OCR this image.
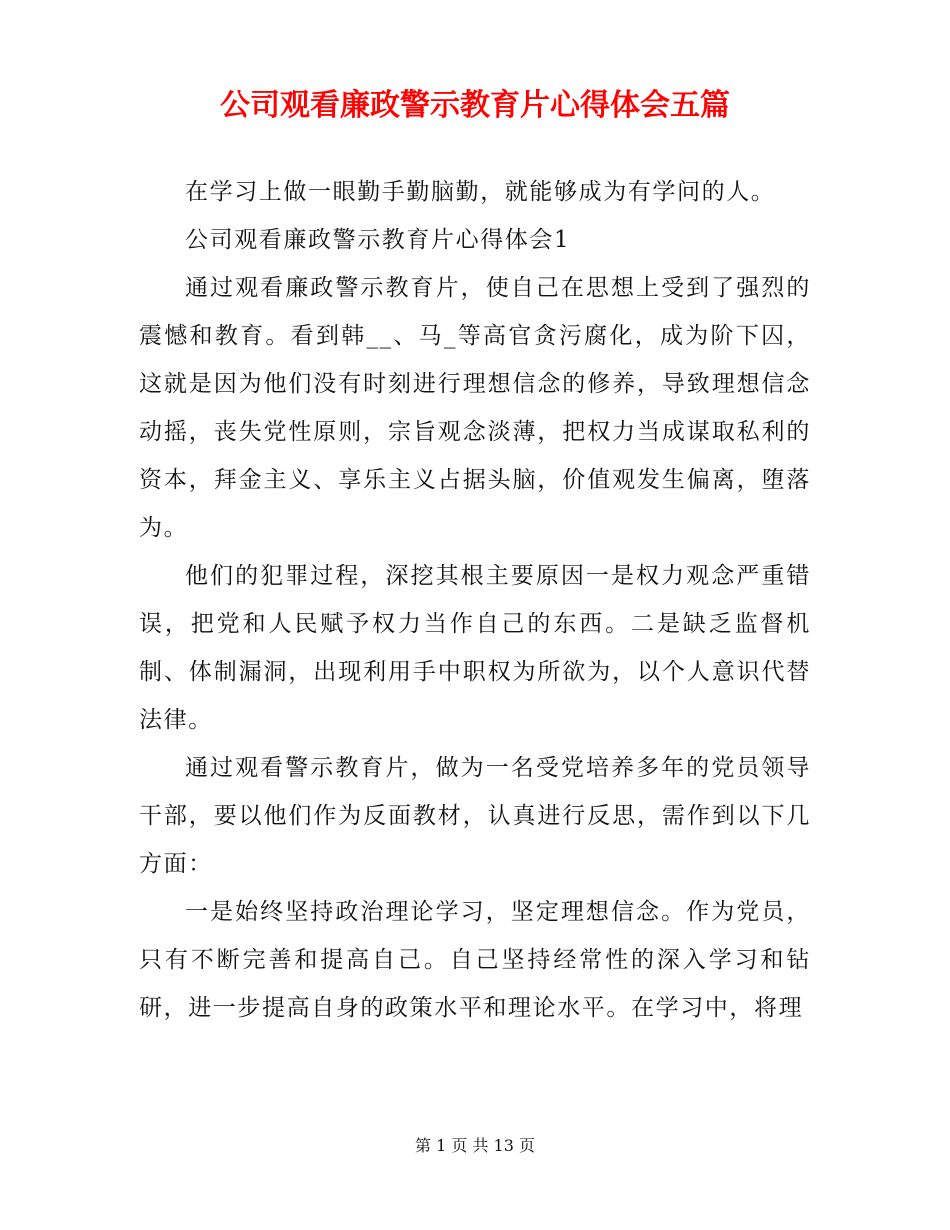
公司观看廉政警示教育片心得体会五篇

在学习上做一眼勤手勤脑勤，就能够成为有学问的人。

公司观看廉政警示教育片心得体会1

通过观看廉政警示教育片，使自己在思想上受到了强烈的震憾和教育。看到韩__、马_等高官贪污腐化，成为阶下囚，这就是因为他们没有时刻进行理想信念的修养，导致理想信念动摇，丧失党性原则，宗旨观念淡薄，把权力当成谋取私利的资本，拜金主义、享乐主义占据头脑，价值观发生偏离，堕落为。

他们的犯罪过程，深挖其根主要原因一是权力观念严重错误，把党和人民赋予权力当作自己的东西。二是缺乏监督机制、体制漏洞，出现利用手中职权为所欲为，以个人意识代替法律。

通过观看警示教育片，做为一名受党培养多年的党员领导干部，要以他们作为反面教材，认真进行反思，需作到以下几方面：

一是始终坚持政治理论学习，坚定理想信念。作为党员，只有不断完善和提高自己。自己坚持经常性的深入学习和钻研，进一步提高自身的政策水平和理论水平。在学习中，将理

第 1 页 共 13 页
